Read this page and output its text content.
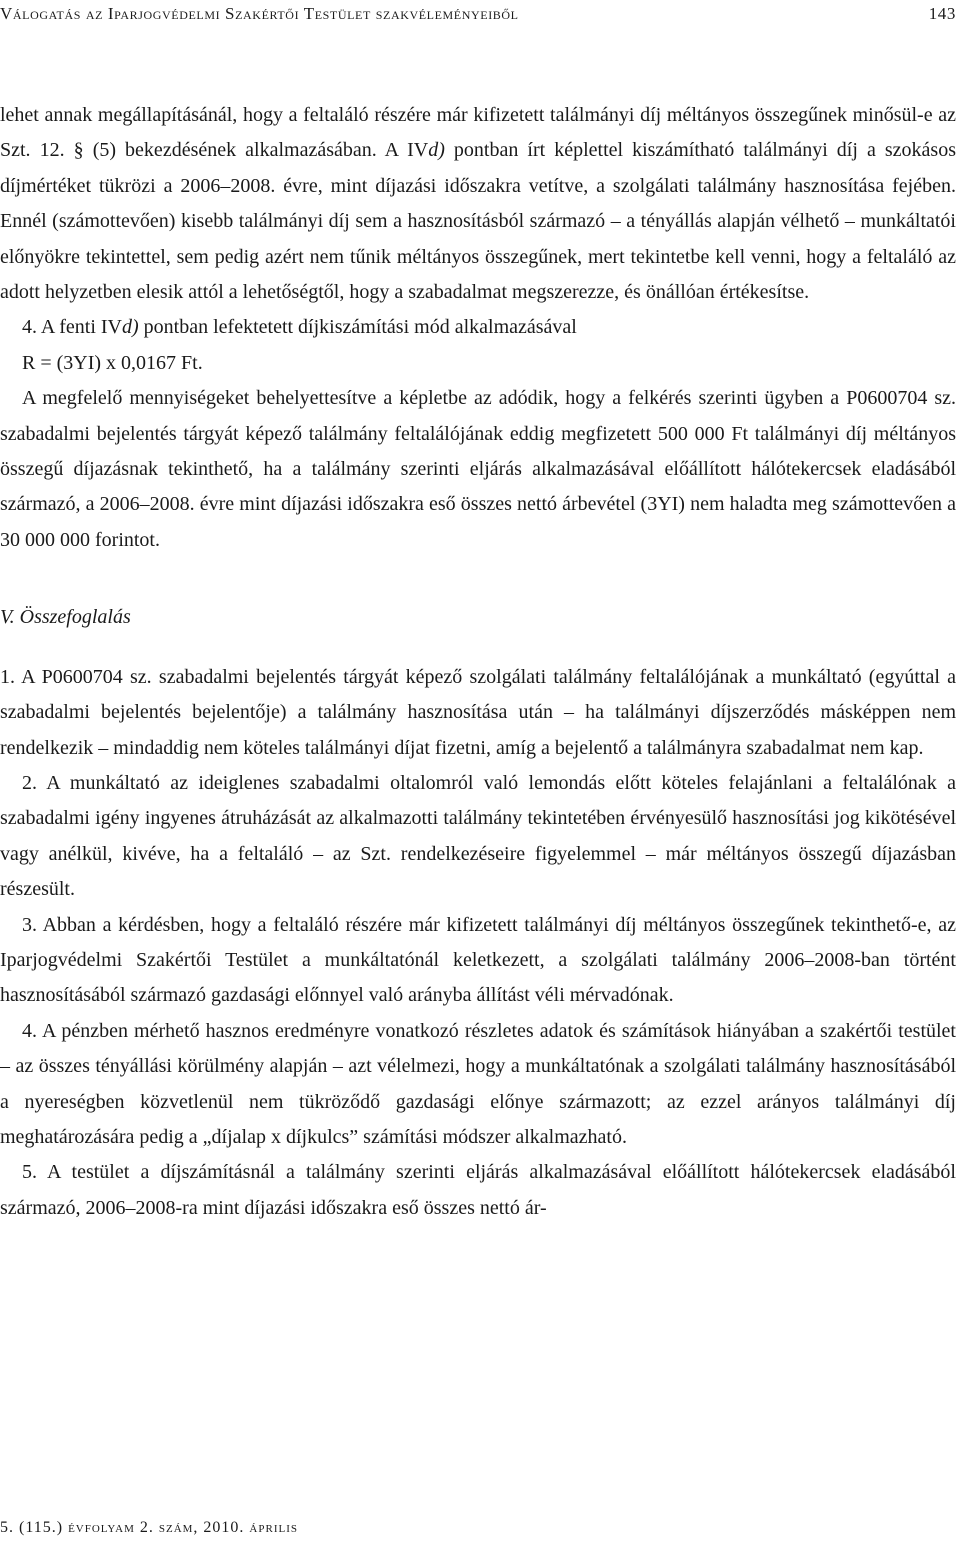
Válogatás az Iparjogvédelmi Szakértői Testület szakvéleményeiből	143

lehet annak megállapításánál, hogy a feltaláló részére már kifizetett találmányi díj méltányos összegűnek minősül-e az Szt. 12. § (5) bekezdésének alkalmazásában. A IVd) pontban írt képlettel kiszámítható találmányi díj a szokásos díjmértéket tükrözi a 2006–2008. évre, mint díjazási időszakra vetítve, a szolgálati találmány hasznosítása fejében. Ennél (számottevően) kisebb találmányi díj sem a hasznosításból származó – a tényállás alapján vélhető – munkáltatói előnyökre tekintettel, sem pedig azért nem tűnik méltányos összegűnek, mert tekintetbe kell venni, hogy a feltaláló az adott helyzetben elesik attól a lehetőségtől, hogy a szabadalmat megszerezze, és önállóan értékesítse.

4. A fenti IVd) pontban lefektetett díjkiszámítási mód alkalmazásával

R = (3YI) x 0,0167 Ft.

A megfelelő mennyiségeket behelyettesítve a képletbe az adódik, hogy a felkérés szerinti ügyben a P0600704 sz. szabadalmi bejelentés tárgyát képező találmány feltalálójának eddig megfizetett 500 000 Ft találmányi díj méltányos összegű díjazásnak tekinthető, ha a találmány szerinti eljárás alkalmazásával előállított hálótekercsek eladásából származó, a 2006–2008. évre mint díjazási időszakra eső összes nettó árbevétel (3YI) nem haladta meg számottevően a 30 000 000 forintot.

V. Összefoglalás

1. A P0600704 sz. szabadalmi bejelentés tárgyát képező szolgálati találmány feltalálójának a munkáltató (egyúttal a szabadalmi bejelentés bejelentője) a találmány hasznosítása után – ha találmányi díjszerződés másképpen nem rendelkezik – mindaddig nem köteles találmányi díjat fizetni, amíg a bejelentő a találmányra szabadalmat nem kap.

2. A munkáltató az ideiglenes szabadalmi oltalomról való lemondás előtt köteles felajánlani a feltalálónak a szabadalmi igény ingyenes átruházását az alkalmazotti találmány tekintetében érvényesülő hasznosítási jog kikötésével vagy anélkül, kivéve, ha a feltaláló – az Szt. rendelkezéseire figyelemmel – már méltányos összegű díjazásban részesült.

3. Abban a kérdésben, hogy a feltaláló részére már kifizetett találmányi díj méltányos összegűnek tekinthető-e, az Iparjogvédelmi Szakértői Testület a munkáltatónál keletkezett, a szolgálati találmány 2006–2008-ban történt hasznosításából származó gazdasági előnnyel való arányba állítást véli mérvadónak.

4. A pénzben mérhető hasznos eredményre vonatkozó részletes adatok és számítások hiányában a szakértői testület – az összes tényállási körülmény alapján – azt vélelmezi, hogy a munkáltatónak a szolgálati találmány hasznosításából a nyereségben közvetlenül nem tükröződő gazdasági előnye származott; az ezzel arányos találmányi díj meghatározására pedig a „díjalap x díjkulcs” számítási módszer alkalmazható.

5. A testület a díjszámításnál a találmány szerinti eljárás alkalmazásával előállított hálótekercsek eladásából származó, 2006–2008-ra mint díjazási időszakra eső összes nettó ár-

5. (115.) évfolyam 2. szám, 2010. április
